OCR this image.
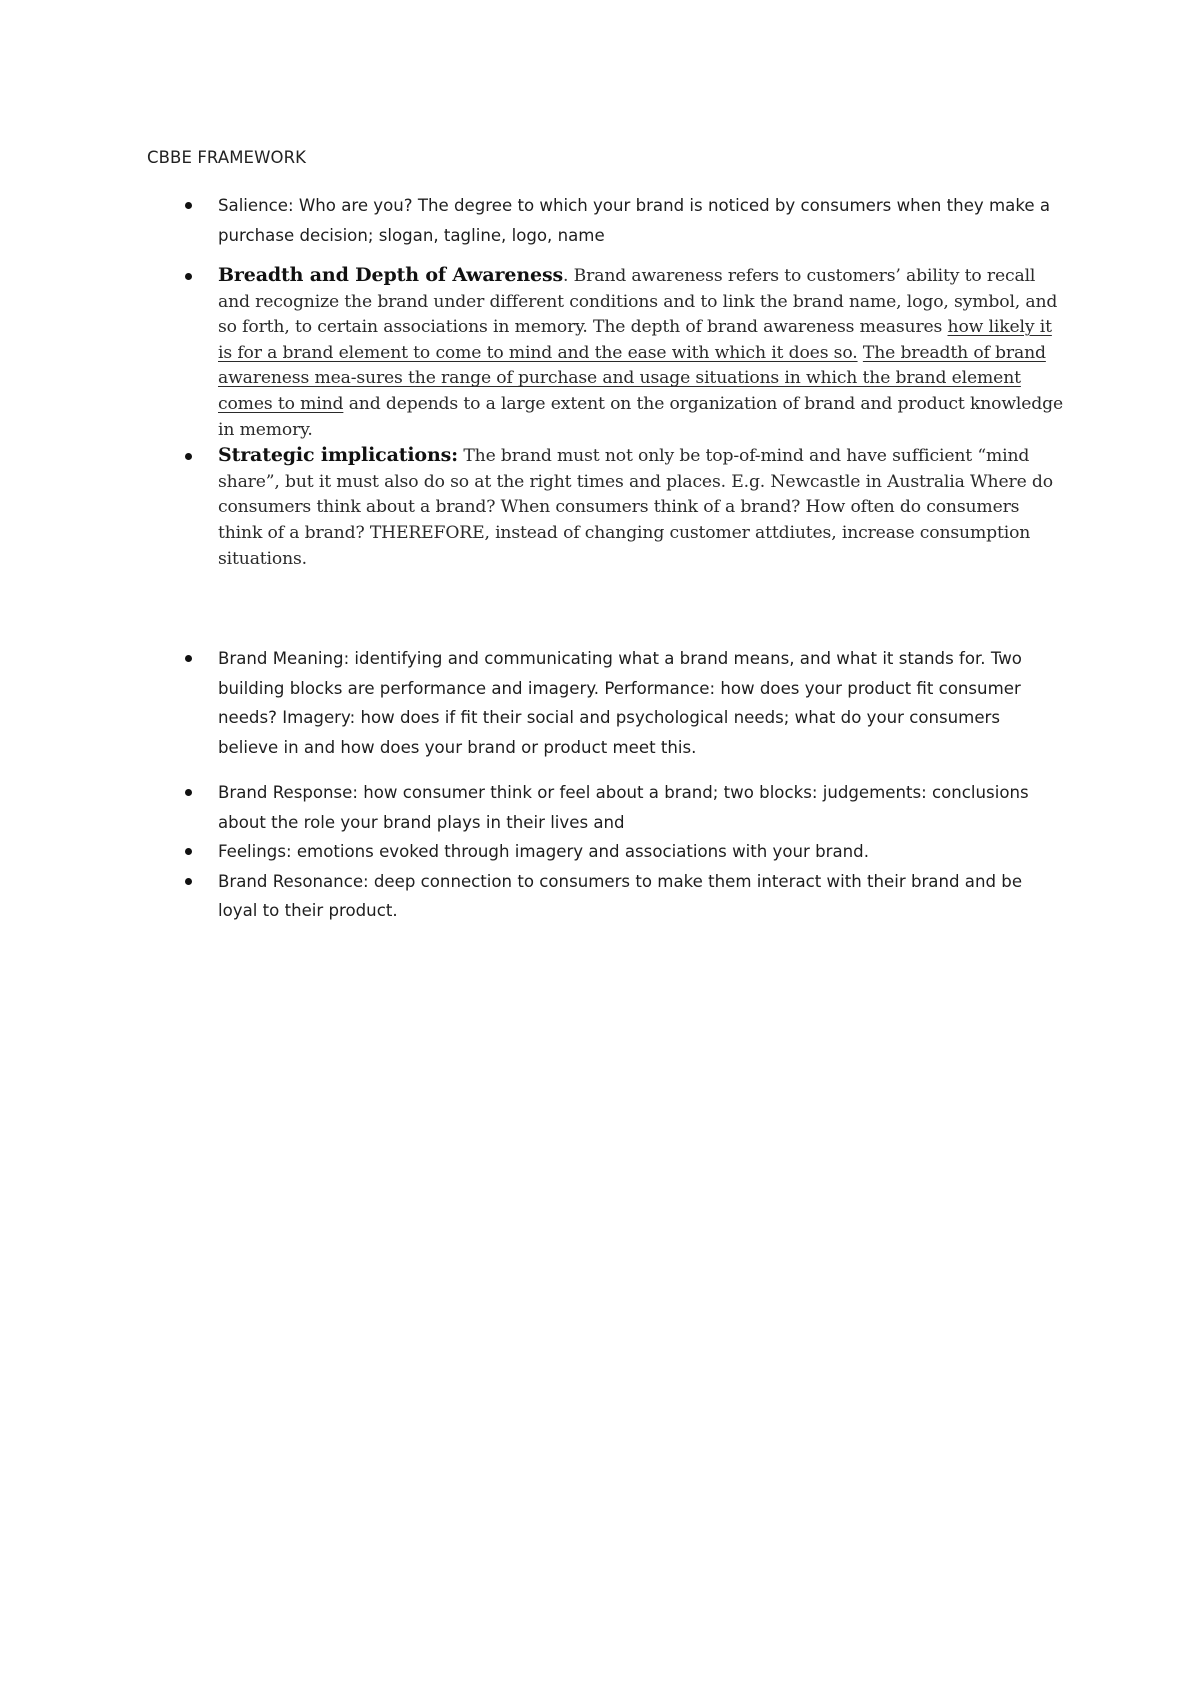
CBBE FRAMEWORK
Salience: Who are you? The degree to which your brand is noticed by consumers when they make a purchase decision; slogan, tagline, logo, name
Breadth and Depth of Awareness. Brand awareness refers to customers’ ability to recall and recognize the brand under different conditions and to link the brand name, logo, symbol, and so forth, to certain associations in memory. The depth of brand awareness measures how likely it is for a brand element to come to mind and the ease with which it does so. The breadth of brand awareness mea-sures the range of purchase and usage situations in which the brand element comes to mind and depends to a large extent on the organization of brand and product knowledge in memory.
Strategic implications: The brand must not only be top-of-mind and have sufficient “mind share”, but it must also do so at the right times and places. E.g. Newcastle in Australia Where do consumers think about a brand? When consumers think of a brand? How often do consumers think of a brand? THEREFORE, instead of changing customer attdiutes, increase consumption situations.
Brand Meaning: identifying and communicating what a brand means, and what it stands for. Two building blocks are performance and imagery. Performance: how does your product fit consumer needs? Imagery: how does if fit their social and psychological needs; what do your consumers believe in and how does your brand or product meet this.
Brand Response: how consumer think or feel about a brand; two blocks: judgements: conclusions about the role your brand plays in their lives and
Feelings: emotions evoked through imagery and associations with your brand.
Brand Resonance: deep connection to consumers to make them interact with their brand and be loyal to their product.
